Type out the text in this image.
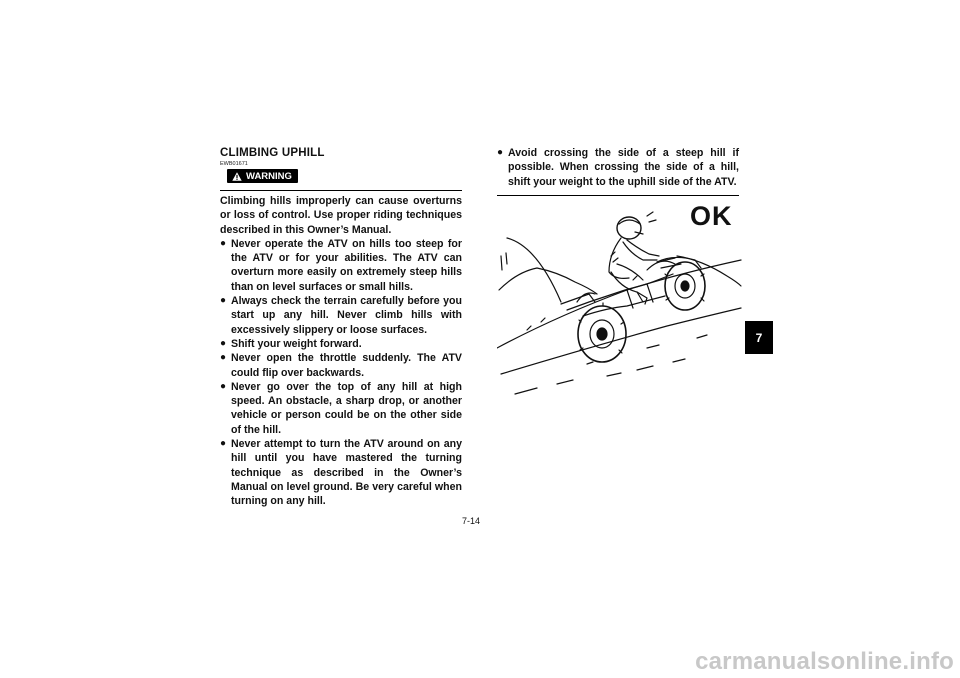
CLIMBING UPHILL
EWB01671
WARNING

Climbing hills improperly can cause overturns or loss of control. Use proper riding techniques described in this Owner’s Manual.

● Never operate the ATV on hills too steep for the ATV or for your abilities. The ATV can overturn more easily on extremely steep hills than on level surfaces or small hills.
● Always check the terrain carefully before you start up any hill. Never climb hills with excessively slippery or loose surfaces.
● Shift your weight forward.
● Never open the throttle suddenly. The ATV could flip over backwards.
● Never go over the top of any hill at high speed. An obstacle, a sharp drop, or another vehicle or person could be on the other side of the hill.
● Never attempt to turn the ATV around on any hill until you have mastered the turning technique as described in the Owner’s Manual on level ground. Be very careful when turning on any hill.
● Avoid crossing the side of a steep hill if possible. When crossing the side of a hill, shift your weight to the uphill side of the ATV.
OK
7-14
7
carmanualsonline.info
